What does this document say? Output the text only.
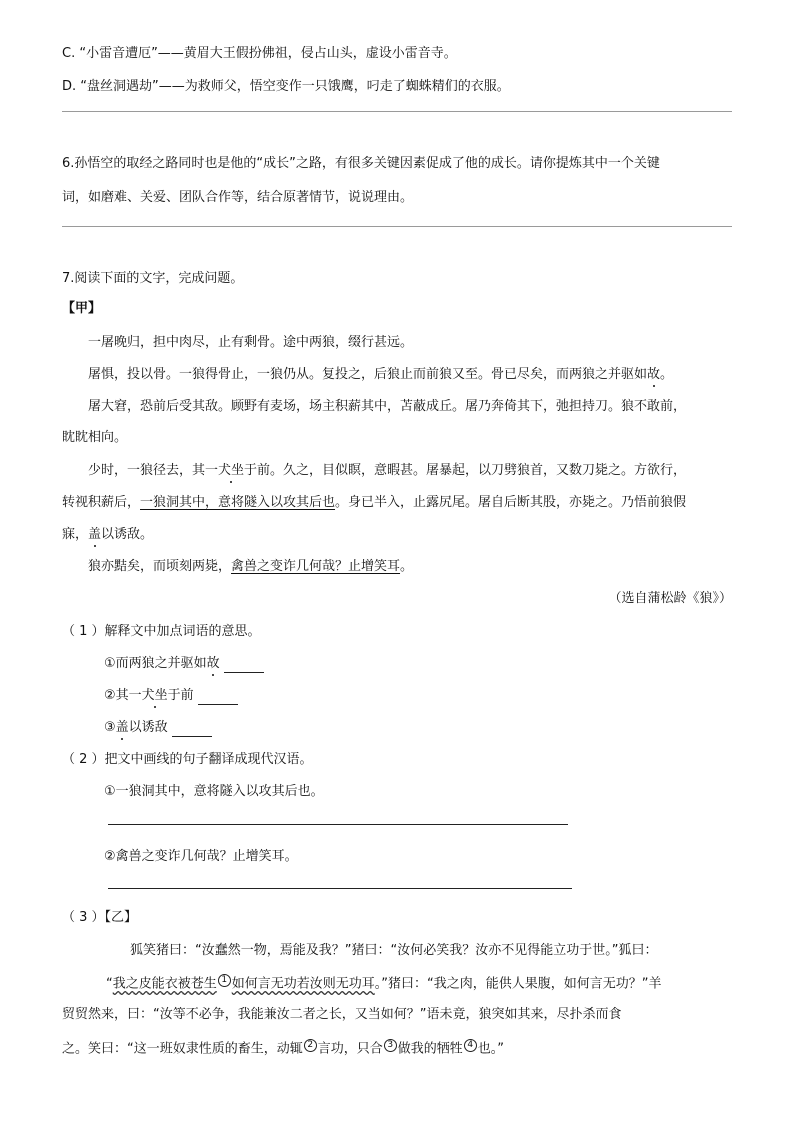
C. “小雷音遭厄”——黄眉大王假扮佛祖，侵占山头，虚设小雷音寺。
D. “盘丝洞遇劫”——为救师父，悟空变作一只饿鹰，叼走了蜘蛛精们的衣服。
6.孙悟空的取经之路同时也是他的“成长”之路，有很多关键因素促成了他的成长。请你提炼其中一个关键
词，如磨难、关爱、团队合作等，结合原著情节，说说理由。
7.阅读下面的文字，完成问题。
【甲】
一屠晚归，担中肉尽，止有剩骨。途中两狼，缀行甚远。
屠惧，投以骨。一狼得骨止，一狼仍从。复投之，后狼止而前狼又至。骨已尽矣，而两狼之并驱如故。
屠大窘，恐前后受其敌。顾野有麦场，场主积薪其中，苫蔽成丘。屠乃奔倚其下，弛担持刀。狼不敢前，
眈眈相向。
少时，一狼径去，其一犬坐于前。久之，目似瞑，意暇甚。屠暴起，以刀劈狼首，又数刀毙之。方欲行，
转视积薪后，一狼洞其中，意将隧入以攻其后也。身已半入，止露尻尾。屠自后断其股，亦毙之。乃悟前狼假
寐，盖以诱敌。
狼亦黠矣，而顷刻两毙，禽兽之变诈几何哉？止增笑耳。
（选自蒲松龄《狼》）
（ 1 ）解释文中加点词语的意思。
①而两狼之并驱如故
②其一犬坐于前
③盖以诱敌
（ 2 ）把文中画线的句子翻译成现代汉语。
①一狼洞其中，意将隧入以攻其后也。
②禽兽之变诈几何哉？止增笑耳。
（ 3 ）【乙】
狐笑猪曰：“汝蠢然一物，焉能及我？”猪曰：“汝何必笑我？汝亦不见得能立功于世。”狐曰：
“我之皮能衣被苍生 1 如何言无功若汝则无功耳。”猪曰：“我之肉，能供人果腹，如何言无功？”羊
贸贸然来，曰：“汝等不必争，我能兼汝二者之长，又当如何？”语未竟，狼突如其来，尽扑杀而食
之。笑曰：“这一班奴隶性质的畜生，动辄 2 言功，只合 3 做我的牺牲 4 也。”
